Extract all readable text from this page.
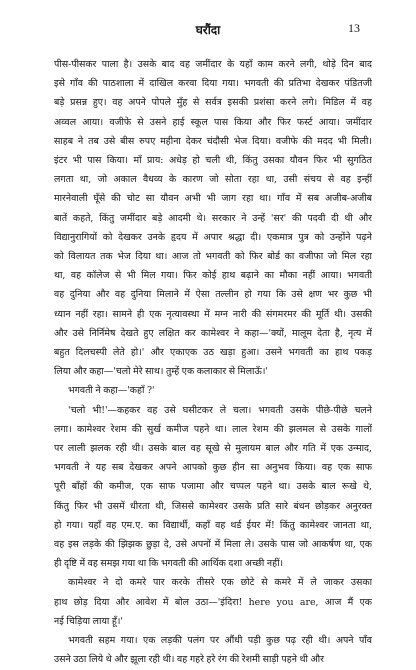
घरौंदा	13
पीस-पीसकर पाला है। उसके बाद वह जमींदार के यहाँ काम करने लगी, थोड़े दिन बाद
इसे गाँव की पाठशाला में दाखिल करवा दिया गया। भगवती की प्रतिभा देखकर पंडितजी
बड़े प्रसन्न हुए। वह अपने पोपले मुँह से सर्वत्र इसकी प्रशंसा करने लगे। मिडिल में वह
अव्वल आया। वजीफे से उसने हाई स्कूल पास किया और फिर फर्स्ट आया। जमींदार
साहब ने तब उसे बीस रुपए महीना देकर चंदौसी भेज दिया। वजीफे की मदद भी मिली।
इंटर भी पास किया। माँ प्राय: अधेड़ हो चली थी, किंतु उसका यौवन फिर भी सुगठित
लगता था, जो अकाल वैधव्य के कारण जो सोता रहा था, उसी संचय से वह इन्हीं
मारनेवाली घूँसे की चोट सा यौवन अभी भी जाग रहा था। गाँव में सब अजीब-अजीब
बातें कहते, किंतु जमींदार बड़े आदमी थे। सरकार ने उन्हें 'सर' की पदवी दी थी और
विद्यानुरागियों को देखकर उनके हृदय में अपार श्रद्धा दी। एकमात्र पुत्र को उन्होंने पढ़ने
को विलायत तक भेज दिया था। आज तो भगवती को फिर बोर्ड का वजीफा जो मिल रहा
था, वह कॉलेज से भी मिल गया। फिर कोई हाथ बढ़ाने का मौका नहीं आया। भगवती
वह दुनिया और वह दुनिया मिलाने में ऐसा तल्लीन हो गया कि उसे क्षण भर कुछ भी
ध्यान नहीं रहा। सामने ही एक नृत्यावस्था में मग्न नारी की संगमरमर की मूर्ति थी। उसकी
और उसे निर्निमेष देखते हुए लक्षित कर कामेश्वर ने कहा—'क्यों, मालूम देता है, नृत्य में
बहुत दिलचस्पी लेते हो।' और एकाएक उठ खड़ा हुआ। उसने भगवती का हाथ पकड़
लिया और कहा—'चलो मेरे साथ। तुम्हें एक कलाकार से मिलाऊँ।'
भगवती ने कहा—'कहाँ ?'
'चलो भी!'—कहकर वह उसे घसीटकर ले चला। भगवती उसके पीछे-पीछे चलने
लगा। कामेश्वर रेशम की सुर्ख कमीज पहने था। लाल रेशम की झलमल से उसके गालों
पर लाली झलक रही थी। उसके बाल वह सूखे से मुलायम बाल और गति में एक उन्माद,
भगवती ने यह सब देखकर अपने आपको कुछ हीन सा अनुभव किया। वह एक साफ
पूरी बाँहों की कमीज, एक साफ पजामा और चप्पल पहने था। उसके बाल रूखे थे,
किंतु फिर भी उसमें धीरता थी, जिससे कामेश्वर उसके प्रति सारे बंधन छोड़कर अनुरक्त
हो गया। यहाँ वह एम.ए. का विद्यार्थी, कहाँ वह थर्ड ईयर में! किंतु कामेश्वर जानता था,
वह इस लड़के की झिझक छुड़ा दे, उसे अपनों में मिला ले। उसके पास जो आकर्षण था, एक
ही दृष्टि में वह समझ गया था कि भगवती की आर्थिक दशा अच्छी नहीं।
कामेश्वर ने दो कमरे पार करके तीसरे एक छोटे से कमरे में ले जाकर उसका
हाथ छोड़ दिया और आवेश में बोल उठा—'इंदिरा! here you are, आज मैं एक
नई चिड़िया लाया हूँ।'
भगवती सहम गया। एक लड़की पलंग पर औंधी पड़ी कुछ पढ़ रही थी। अपने पाँव
उसने उठा लिये थे और झूला रही थी। वह गहरे हरे रंग की रेशमी साड़ी पहने थी और
